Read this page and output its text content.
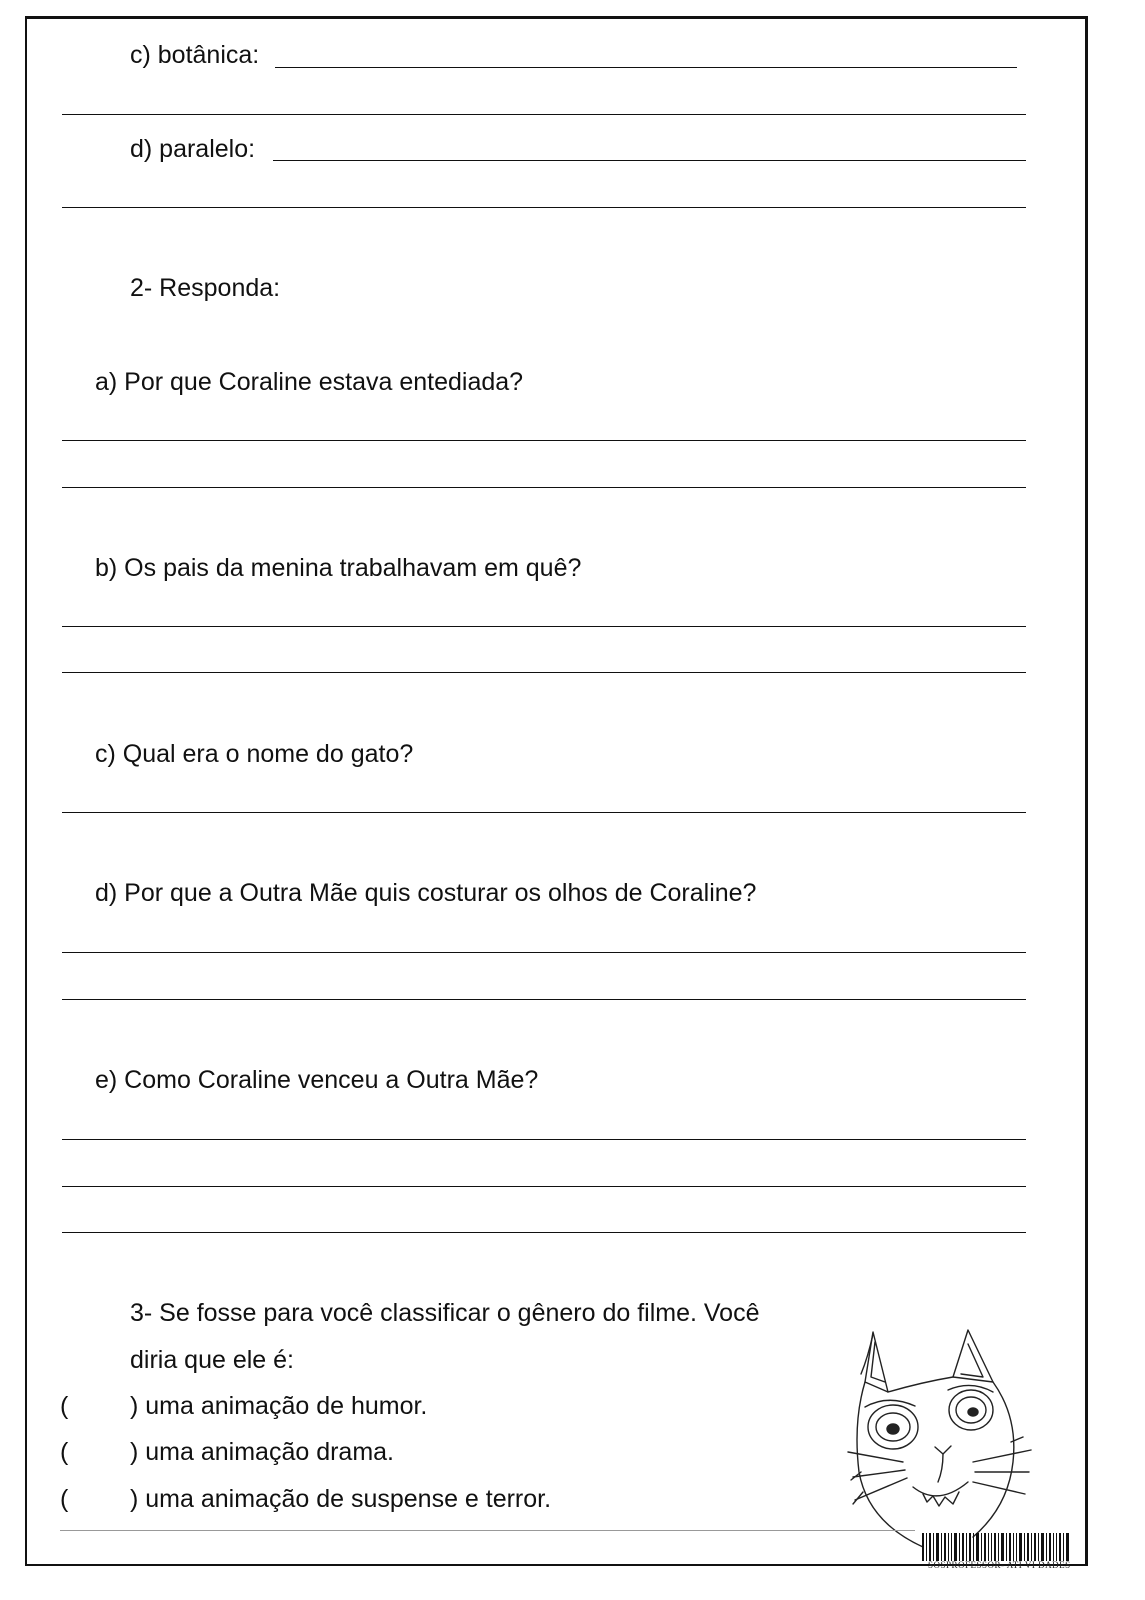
c) botânica:
d) paralelo:
2- Responda:
a) Por que Coraline estava entediada?
b) Os pais da menina trabalhavam em quê?
c) Qual era o nome do gato?
d) Por que a Outra Mãe quis costurar os olhos de Coraline?
e) Como Coraline venceu a Outra Mãe?
3- Se fosse para você classificar o gênero do filme. Você
diria que ele é:
( ) uma animação de humor.
( ) uma animação drama.
( ) uma animação de suspense e terror.
SOSPROFESSOR- ATI VI DADES
